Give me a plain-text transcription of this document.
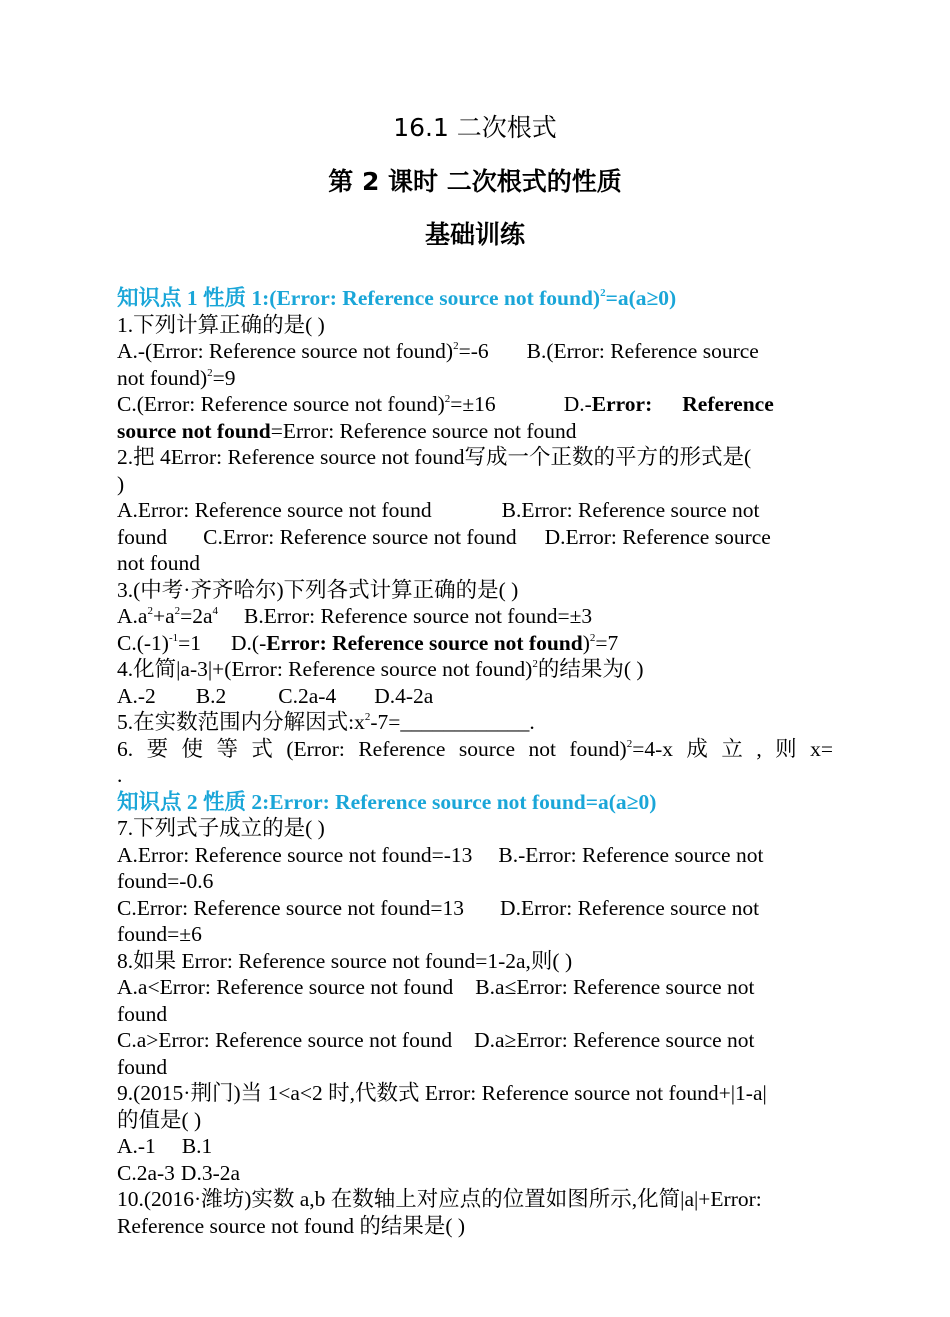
16.1 二次根式
第 2 课时 二次根式的性质
基础训练
知识点 1 性质 1:(Error: Reference source not found)$^2$=a(a≥0)
1.下列计算正确的是( )
A.-(Error: Reference source not found)$^2$=-6 B.(Error: Reference source
not found)$^2$=9
C.(Error: Reference source not found)$^2$=±16	D.-Error: Reference
source not found=Error: Reference source not found
2.把 4Error: Reference source not found写成一个正数的平方的形式是(
)
A.Error: Reference source not found	B.Error: Reference source not
found C.Error: Reference source not found D.Error: Reference source
not found
3.(中考·齐齐哈尔)下列各式计算正确的是( )
$A.a^2+a^2=2a^4$ B.Error: Reference source not found=±3
$C.(-1)^{-1}=1$ D.(-Error: Reference source not found)$^2$=7
4.化简|a-3|+(Error: Reference source not found)$^2$的结果为( )
A.-2 B.2 C.2a-4 D.4-2a
5.在实数范围内分解因式$:x^2-7=\_\_\_\_\_\_\_\_\_\_\_\_$.
6. 要 使 等 式 (Error: Reference source not found)$^2$=4-x 成 立 , 则 x=
.
知识点 2 性质 2:Error: Reference source not found=a(a≥0)
7.下列式子成立的是( )
A.Error: Reference source not found=-13 B.-Error: Reference source not
found=-0.6
C.Error: Reference source not found=13 D.Error: Reference source not
found=±6
8.如果 Error: Reference source not found=1-2a,则( )
A.a<Error: Reference source not found B.a≤Error: Reference source not
found
C.a>Error: Reference source not found D.a≥Error: Reference source not
found
9.(2015·荆门)当 1<a<2 时,代数式 Error: Reference source not found+|1-a|
的值是( )
A.-1 B.1
C.2a-3 D.3-2a
10.(2016·潍坊)实数 a,b 在数轴上对应点的位置如图所示,化简|a|+Error:
Reference source not found 的结果是( )
